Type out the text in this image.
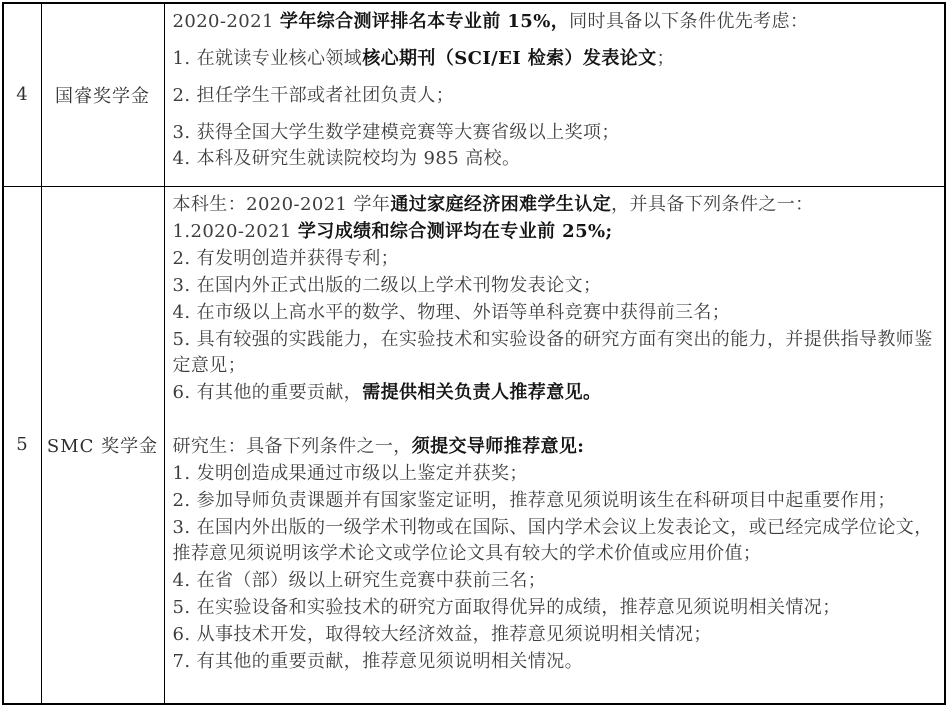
4	国睿奖学金	2020-2021 学年综合测评排名本专业前 15%，同时具备以下条件优先考虑：

1. 在就读专业核心领域核心期刊（SCI/EI 检索）发表论文；

2. 担任学生干部或者社团负责人；

3. 获得全国大学生数学建模竞赛等大赛省级以上奖项；

4. 本科及研究生就读院校均为 985 高校。

5	SMC 奖学金	

本科生：2020-2021 学年通过家庭经济困难学生认定，并具备下列条件之一：

1.2020-2021 学习成绩和综合测评均在专业前 25%;

2. 有发明创造并获得专利；

3. 在国内外正式出版的二级以上学术刊物发表论文；

4. 在市级以上高水平的数学、物理、外语等单科竞赛中获得前三名；

5. 具有较强的实践能力，在实验技术和实验设备的研究方面有突出的能力，并提供指导教师鉴定意见；

6. 有其他的重要贡献，需提供相关负责人推荐意见。

研究生：具备下列条件之一，须提交导师推荐意见:

1. 发明创造成果通过市级以上鉴定并获奖；

2. 参加导师负责课题并有国家鉴定证明，推荐意见须说明该生在科研项目中起重要作用；

3. 在国内外出版的一级学术刊物或在国际、国内学术会议上发表论文，或已经完成学位论文，推荐意见须说明该学术论文或学位论文具有较大的学术价值或应用价值；

4. 在省（部）级以上研究生竞赛中获前三名；

5. 在实验设备和实验技术的研究方面取得优异的成绩，推荐意见须说明相关情况；

6. 从事技术开发，取得较大经济效益，推荐意见须说明相关情况；

7. 有其他的重要贡献，推荐意见须说明相关情况。
